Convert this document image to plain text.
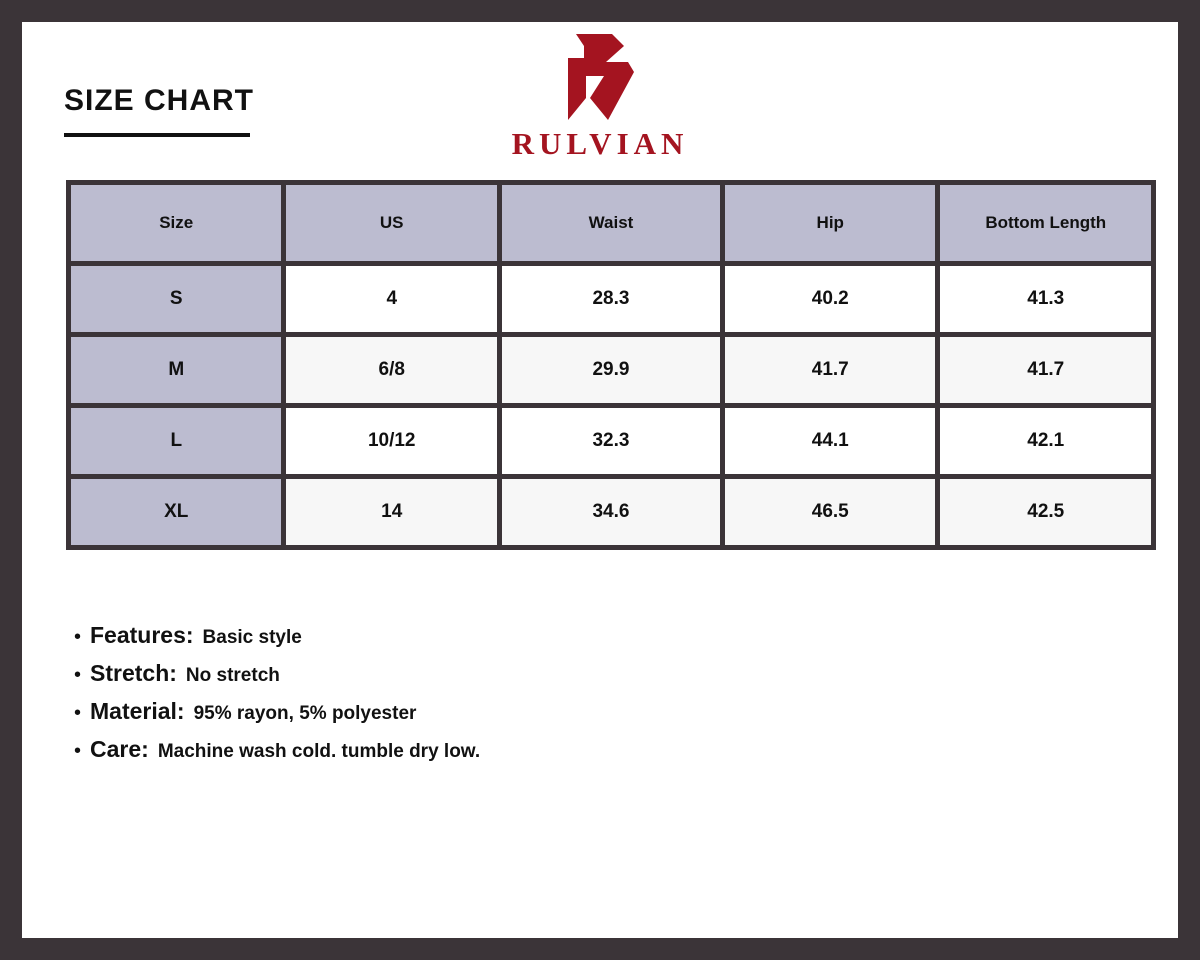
SIZE CHART
RULVIAN
Size	US	Waist	Hip	Bottom Length
S	4	28.3	40.2	41.3
M	6/8	29.9	41.7	41.7
L	10/12	32.3	44.1	42.1
XL	14	34.6	46.5	42.5
• Features: Basic style
• Stretch: No stretch
• Material: 95% rayon, 5% polyester
• Care: Machine wash cold. tumble dry low.
